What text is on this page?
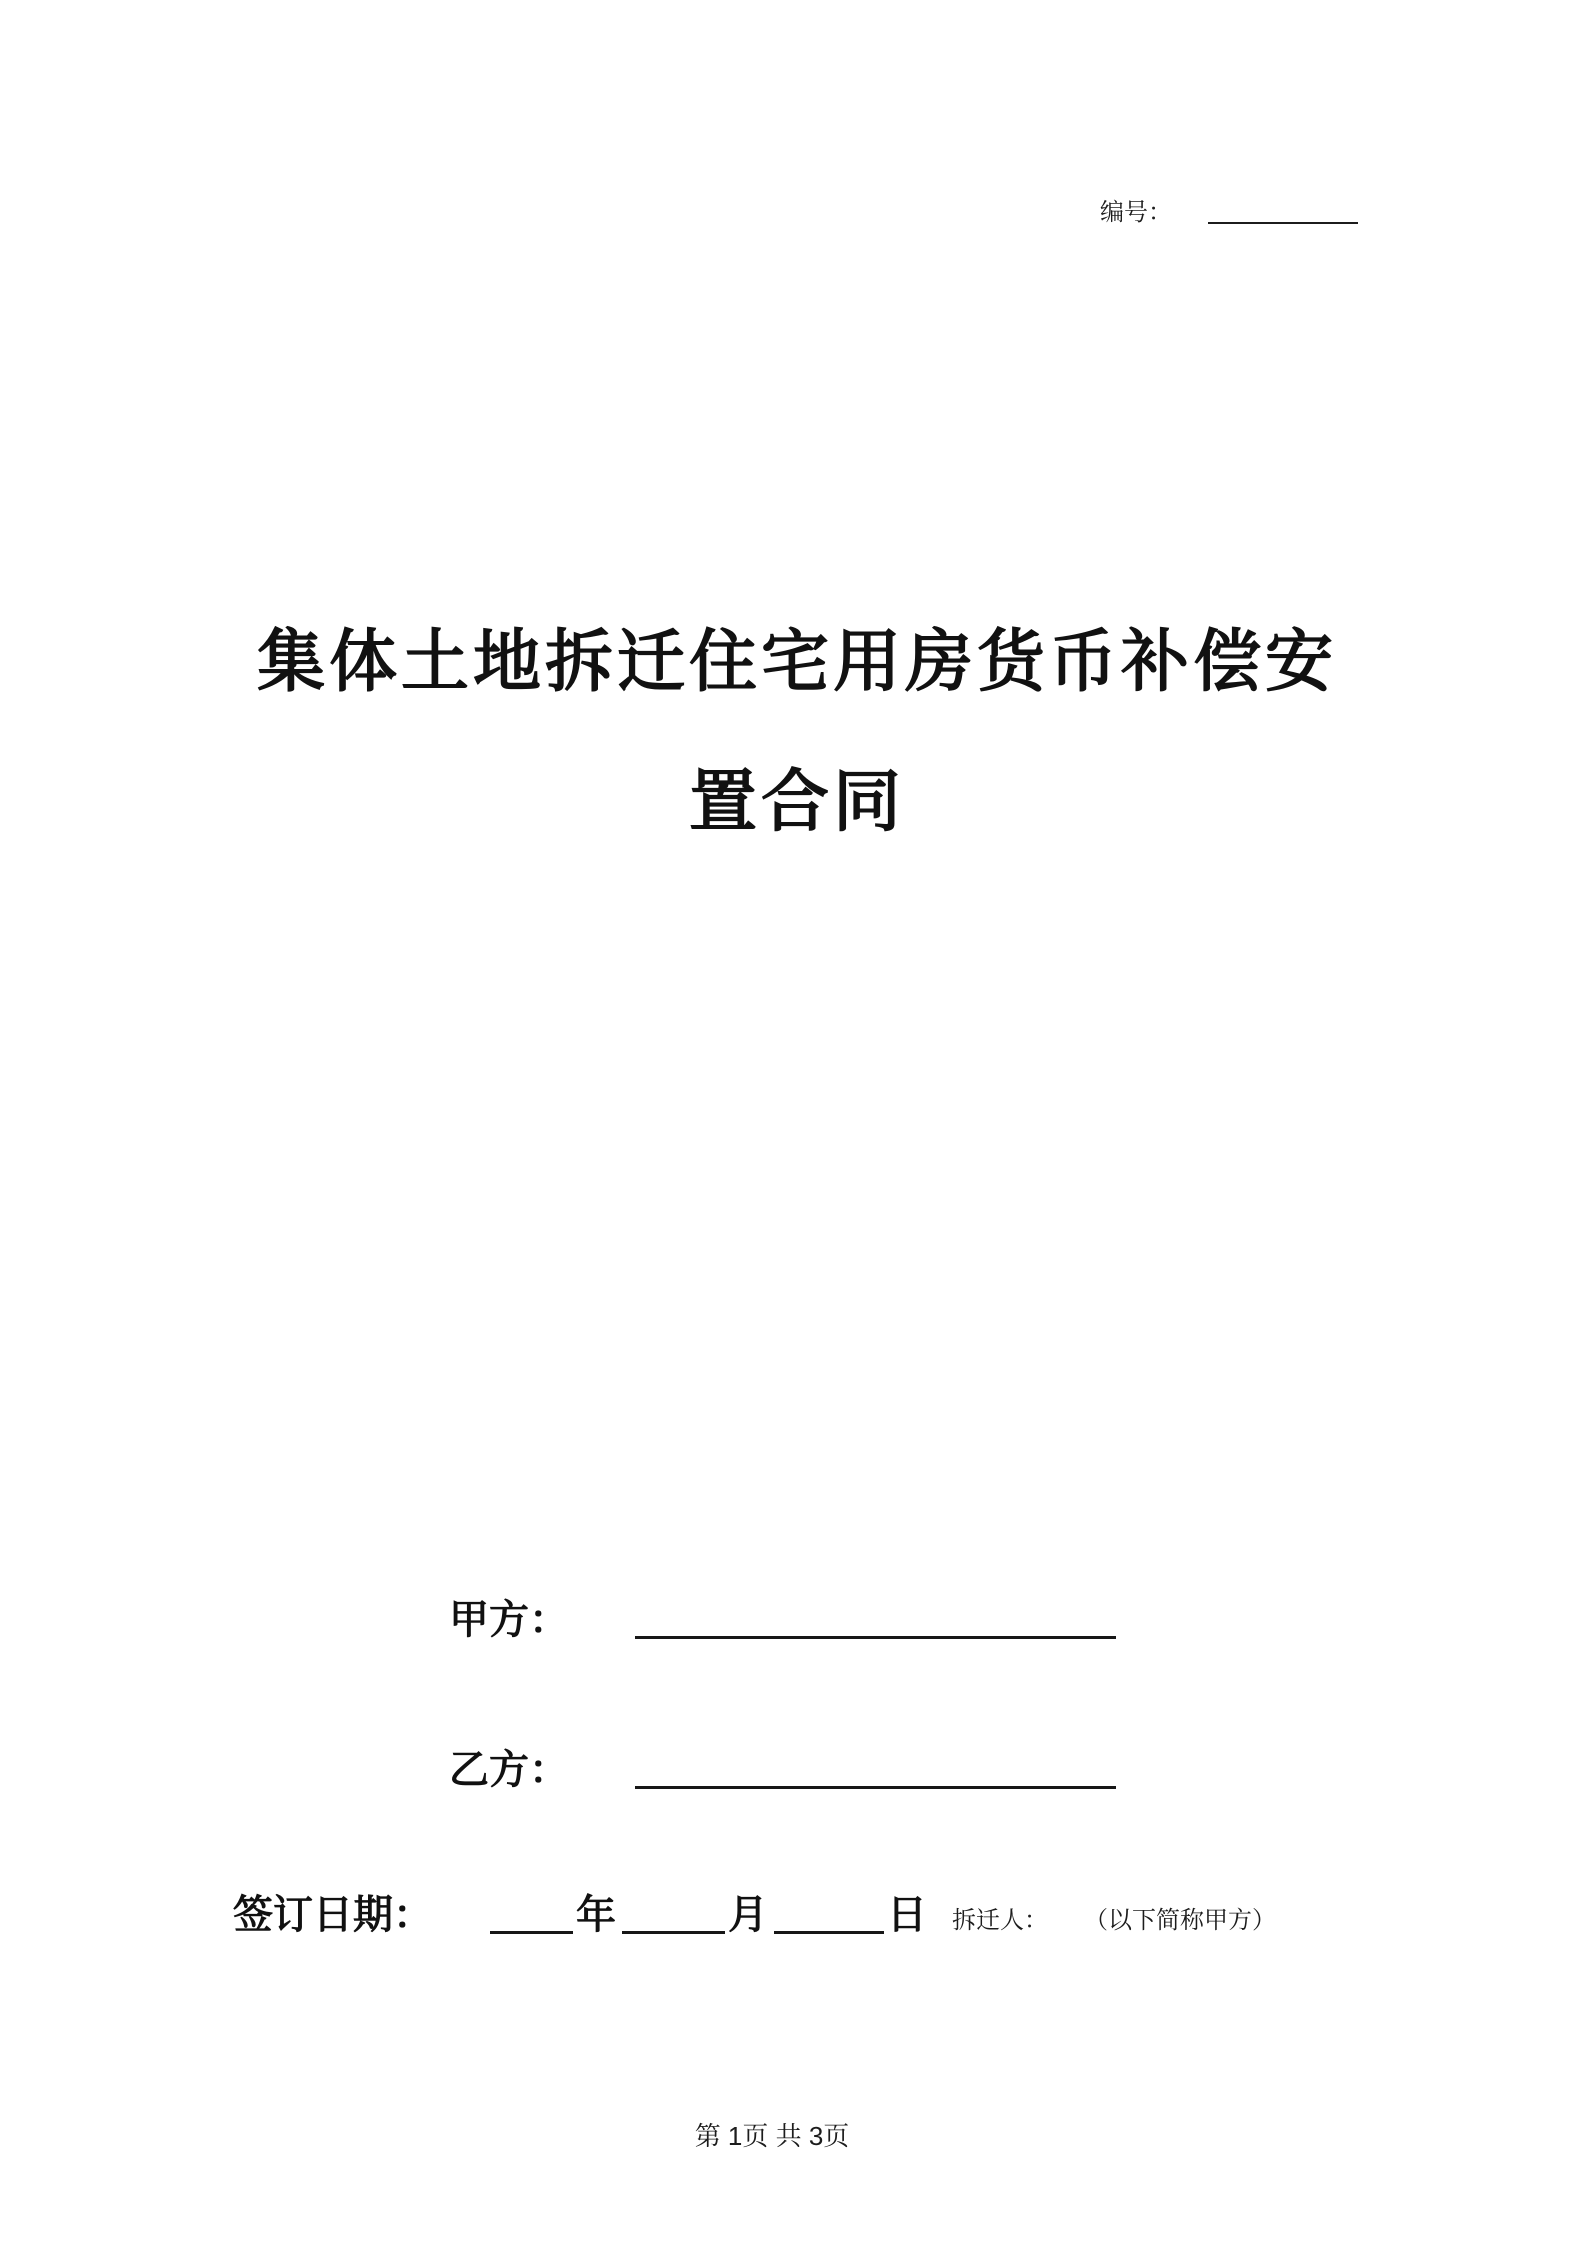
编号：
集体土地拆迁住宅用房货币补偿安
置合同
甲方：
乙方：
签订日期：	年	月	日 拆迁人： （以下简称甲方）
第 1页 共 3页
